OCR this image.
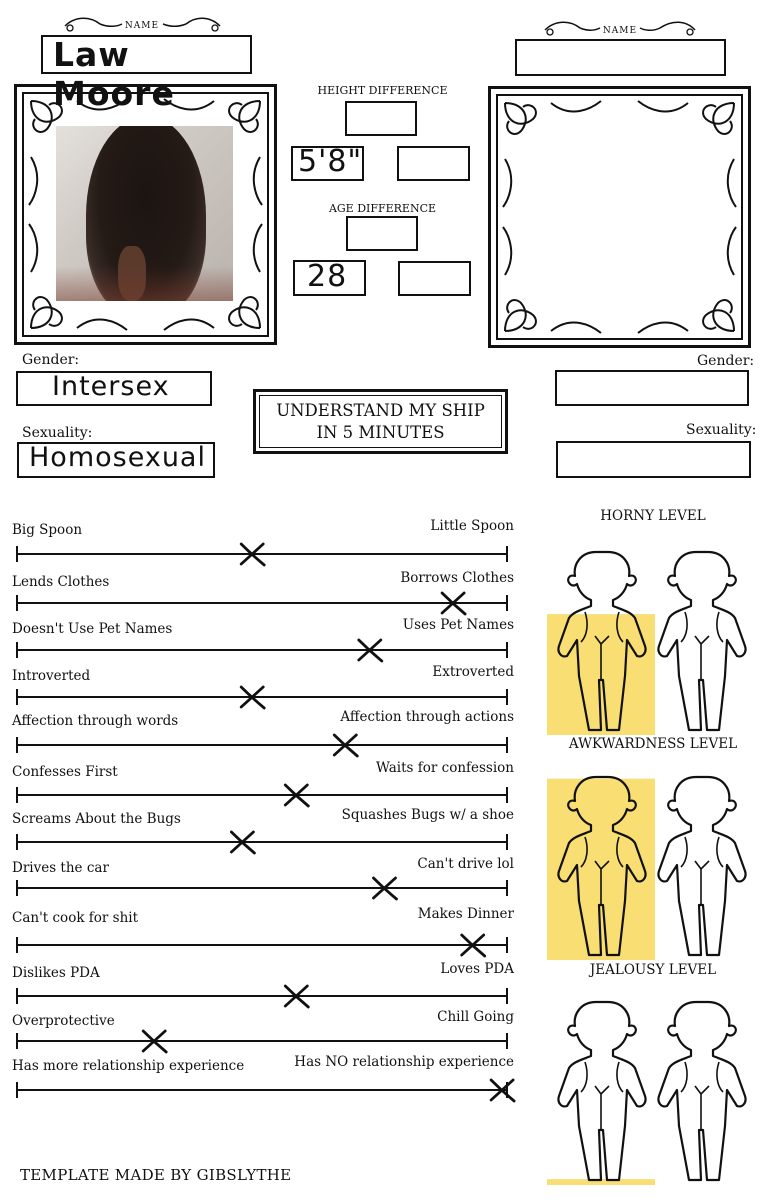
NAME
Law Moore
NAME
HEIGHT DIFFERENCE
5'8"
AGE DIFFERENCE
28
Gender:
Intersex
Sexuality:
Homosexual
Gender:
Sexuality:
UNDERSTAND MY SHIP
IN 5 MINUTES
Big Spoon	Little Spoon
Lends Clothes	Borrows Clothes
Doesn't Use Pet Names	Uses Pet Names
Introverted	Extroverted
Affection through words	Affection through actions
Confesses First	Waits for confession
Screams About the Bugs	Squashes Bugs w/ a shoe
Drives the car	Can't drive lol
Can't cook for shit	Makes Dinner
Dislikes PDA	Loves PDA
Overprotective	Chill Going
Has more relationship experience	Has NO relationship experience
HORNY LEVEL
AWKWARDNESS LEVEL
JEALOUSY LEVEL
TEMPLATE MADE BY GIBSLYTHE
